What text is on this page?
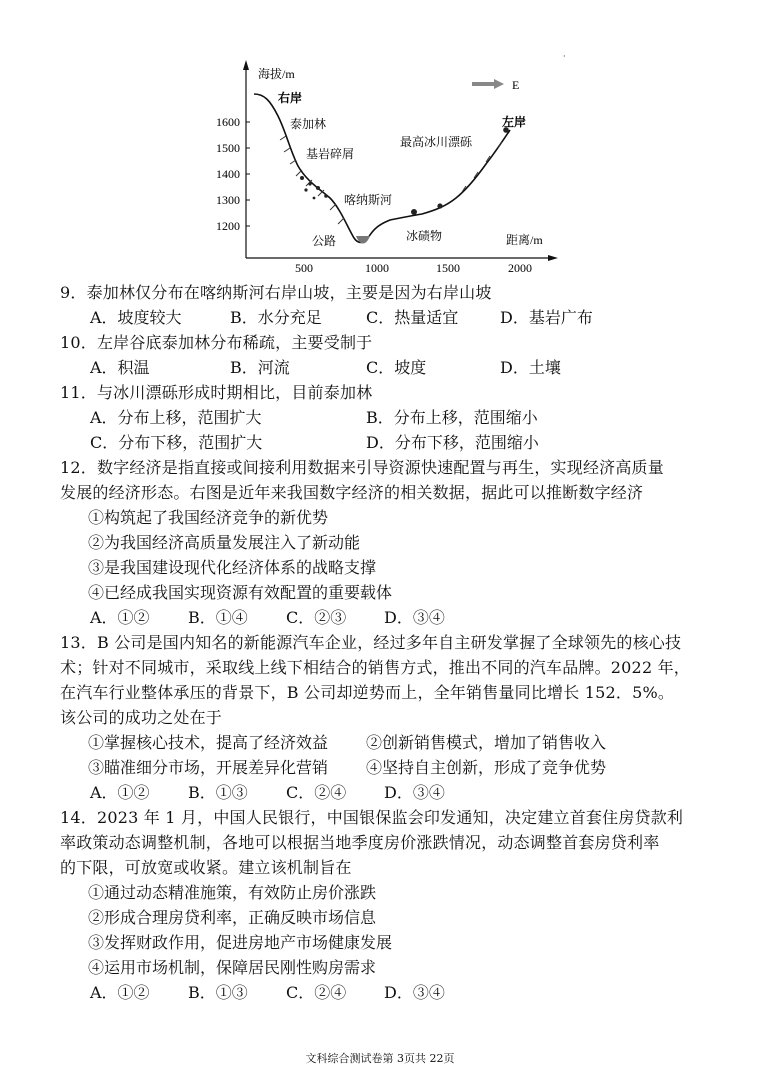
·
海拔/m
距离/m
1600
1500
1400
1300
1200
500	1000	1500	2000
E
右岸
泰加林
基岩碎屑
喀纳斯河
公路	冰碛物
最高冰川漂砾
左岸
9．泰加林仅分布在喀纳斯河右岸山坡，主要是因为右岸山坡
A．坡度较大	B．水分充足	C．热量适宜	D．基岩广布
10．左岸谷底泰加林分布稀疏，主要受制于
A．积温	B．河流	C．坡度	D．土壤
11．与冰川漂砾形成时期相比，目前泰加林
A．分布上移，范围扩大	B．分布上移，范围缩小
C．分布下移，范围扩大	D．分布下移，范围缩小
12．数字经济是指直接或间接利用数据来引导资源快速配置与再生，实现经济高质量
发展的经济形态。右图是近年来我国数字经济的相关数据，据此可以推断数字经济
①构筑起了我国经济竞争的新优势
②为我国经济高质量发展注入了新动能
③是我国建设现代化经济体系的战略支撑
④已经成我国实现资源有效配置的重要载体
A．①② B．①④ C．②③ D．③④
13．B 公司是国内知名的新能源汽车企业，经过多年自主研发掌握了全球领先的核心技
术；针对不同城市，采取线上线下相结合的销售方式，推出不同的汽车品牌。2022 年，
在汽车行业整体承压的背景下，B 公司却逆势而上，全年销售量同比增长 152．5%。
该公司的成功之处在于
①掌握核心技术，提高了经济效益 ②创新销售模式，增加了销售收入
③瞄准细分市场，开展差异化营销 ④坚持自主创新，形成了竞争优势
A．①② B．①③ C．②④ D．③④
14．2023 年 1 月，中国人民银行，中国银保监会印发通知，决定建立首套住房贷款利
率政策动态调整机制，各地可以根据当地季度房价涨跌情况，动态调整首套房贷利率
的下限，可放宽或收紧。建立该机制旨在
①通过动态精准施策，有效防止房价涨跌
②形成合理房贷利率，正确反映市场信息
③发挥财政作用，促进房地产市场健康发展
④运用市场机制，保障居民刚性购房需求
A．①② B．①③ C．②④ D．③④
文科综合测试卷第 3页共 22页
